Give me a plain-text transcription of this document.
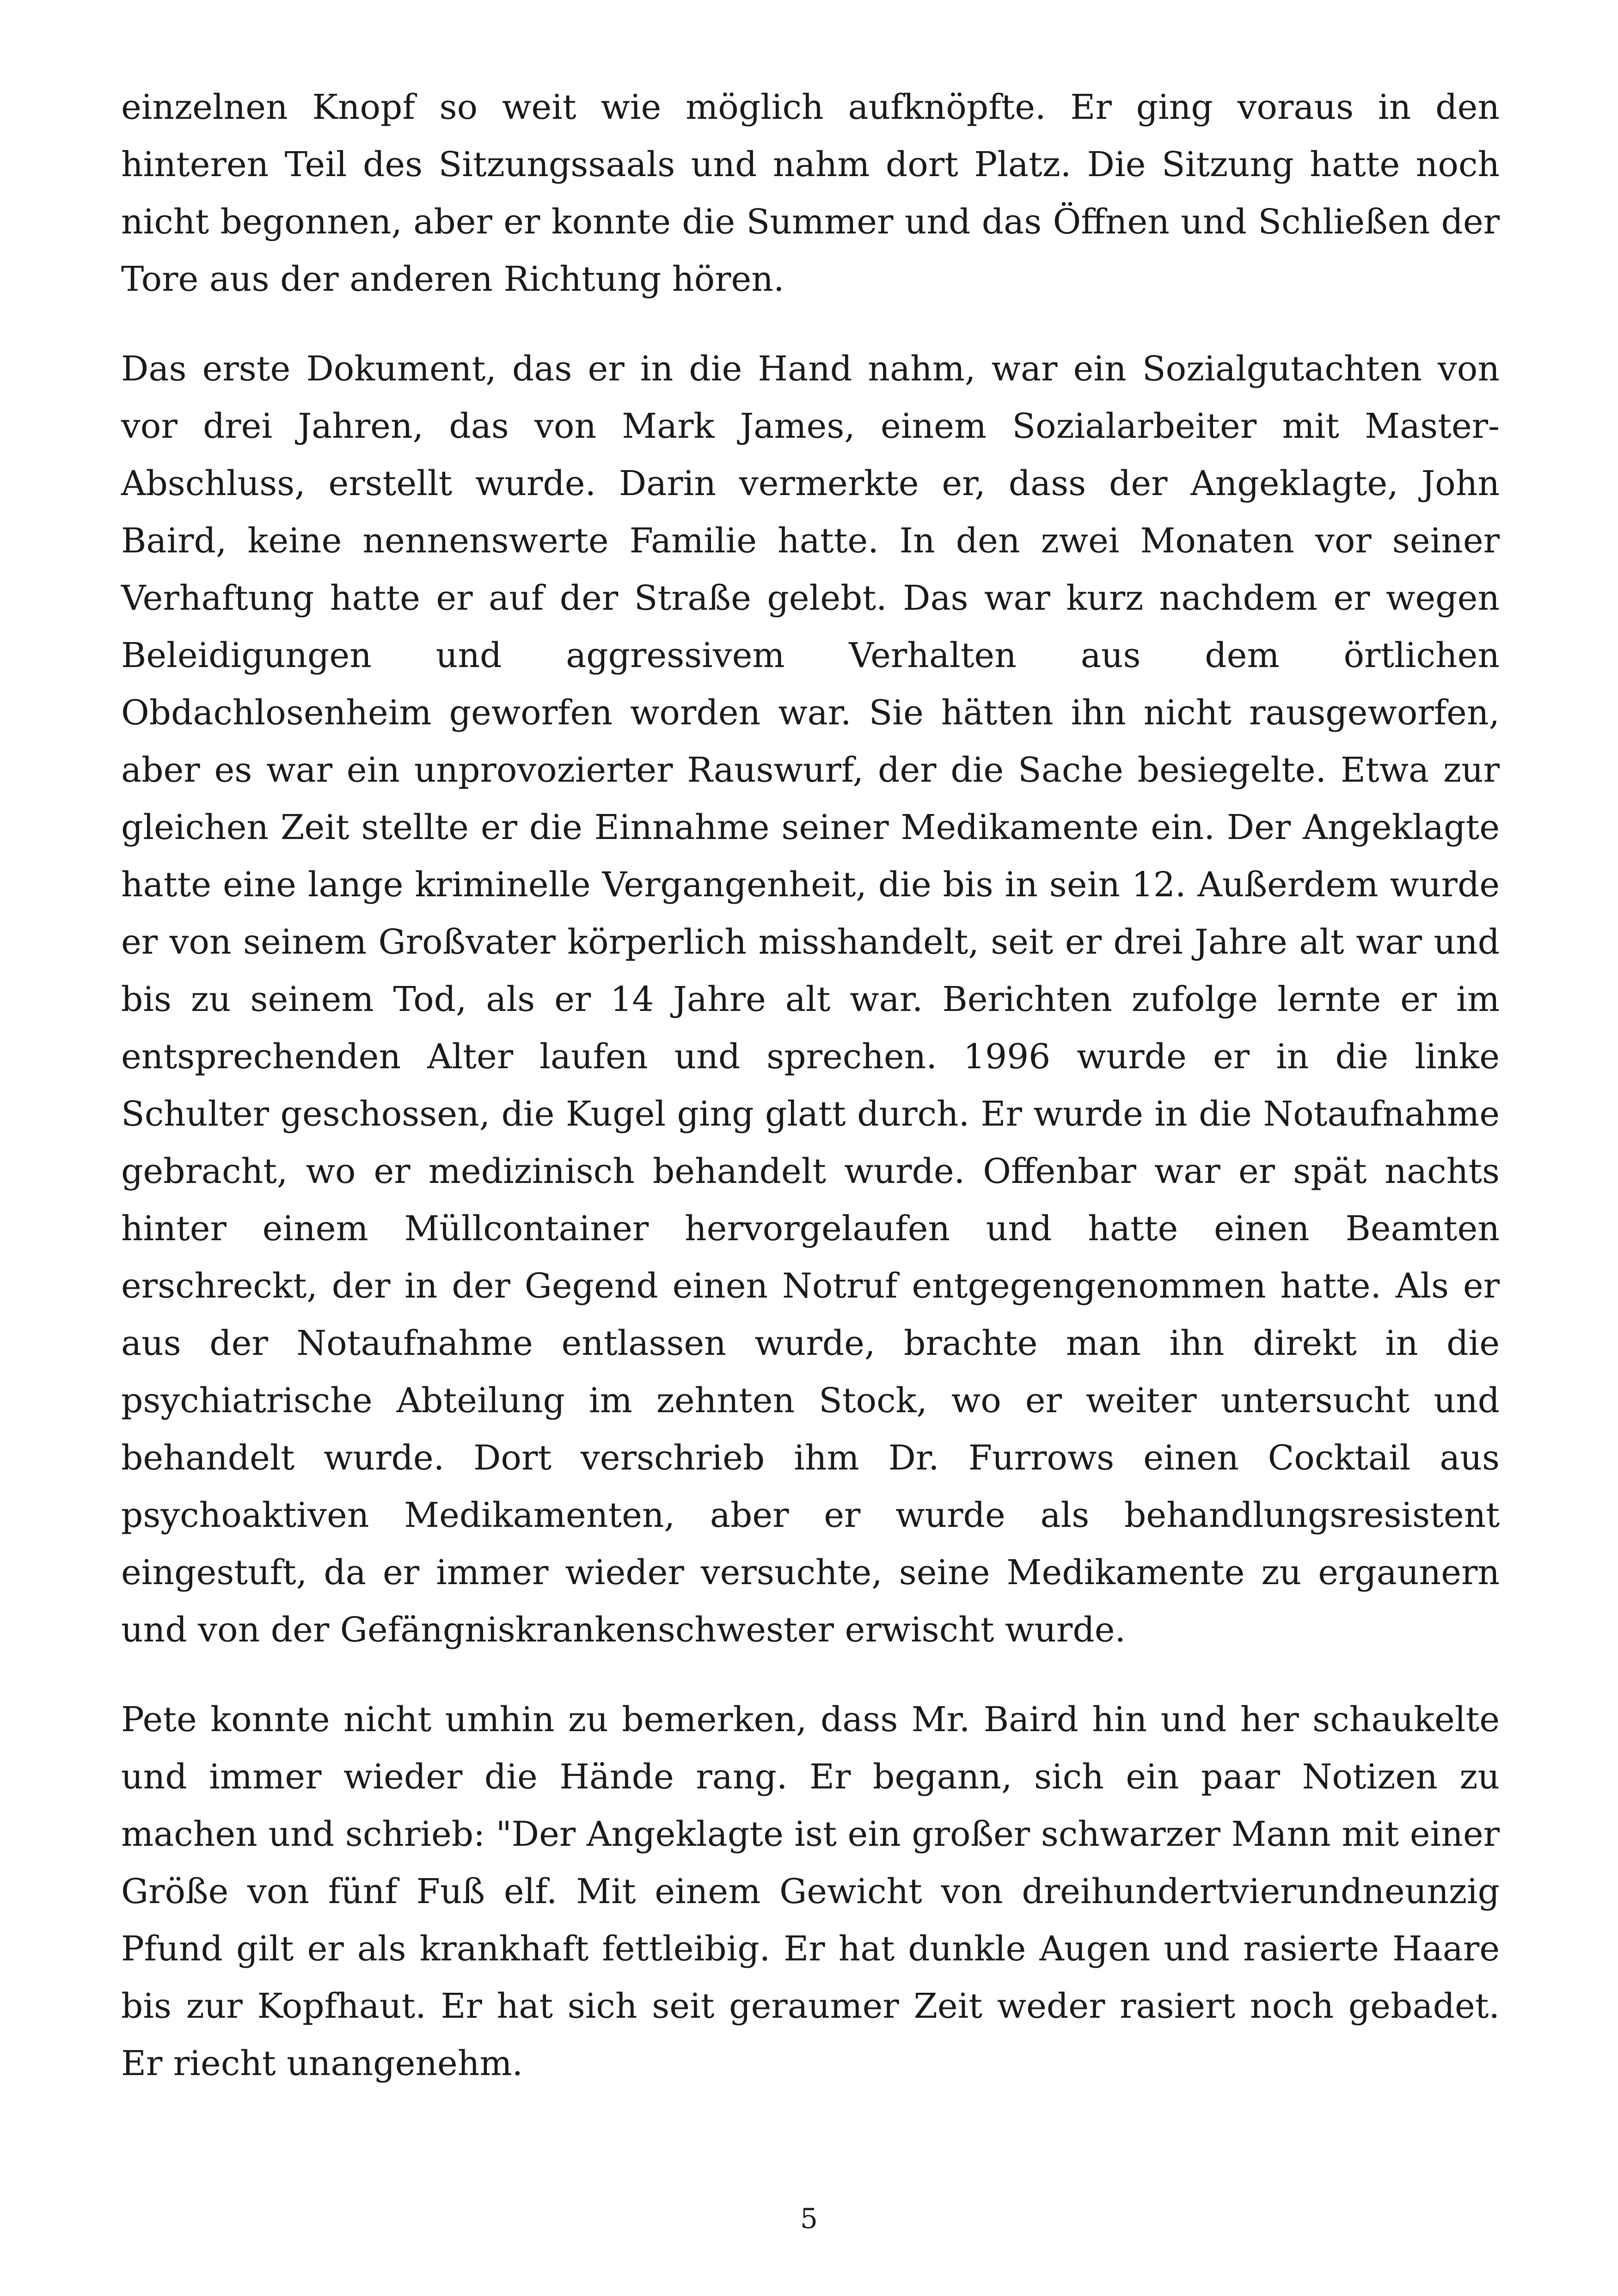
einzelnen Knopf so weit wie möglich aufknöpfte. Er ging voraus in den hinteren Teil des Sitzungssaals und nahm dort Platz. Die Sitzung hatte noch nicht begonnen, aber er konnte die Summer und das Öffnen und Schließen der Tore aus der anderen Richtung hören.

Das erste Dokument, das er in die Hand nahm, war ein Sozialgutachten von vor drei Jahren, das von Mark James, einem Sozialarbeiter mit Master-Abschluss, erstellt wurde. Darin vermerkte er, dass der Angeklagte, John Baird, keine nennenswerte Familie hatte. In den zwei Monaten vor seiner Verhaftung hatte er auf der Straße gelebt. Das war kurz nachdem er wegen Beleidigungen und aggressivem Verhalten aus dem örtlichen Obdachlosenheim geworfen worden war. Sie hätten ihn nicht rausgeworfen, aber es war ein unprovozierter Rauswurf, der die Sache besiegelte. Etwa zur gleichen Zeit stellte er die Einnahme seiner Medikamente ein. Der Angeklagte hatte eine lange kriminelle Vergangenheit, die bis in sein 12. Außerdem wurde er von seinem Großvater körperlich misshandelt, seit er drei Jahre alt war und bis zu seinem Tod, als er 14 Jahre alt war. Berichten zufolge lernte er im entsprechenden Alter laufen und sprechen. 1996 wurde er in die linke Schulter geschossen, die Kugel ging glatt durch. Er wurde in die Notaufnahme gebracht, wo er medizinisch behandelt wurde. Offenbar war er spät nachts hinter einem Müllcontainer hervorgelaufen und hatte einen Beamten erschreckt, der in der Gegend einen Notruf entgegengenommen hatte. Als er aus der Notaufnahme entlassen wurde, brachte man ihn direkt in die psychiatrische Abteilung im zehnten Stock, wo er weiter untersucht und behandelt wurde. Dort verschrieb ihm Dr. Furrows einen Cocktail aus psychoaktiven Medikamenten, aber er wurde als behandlungsresistent eingestuft, da er immer wieder versuchte, seine Medikamente zu ergaunern und von der Gefängniskrankenschwester erwischt wurde.

Pete konnte nicht umhin zu bemerken, dass Mr. Baird hin und her schaukelte und immer wieder die Hände rang. Er begann, sich ein paar Notizen zu machen und schrieb: "Der Angeklagte ist ein großer schwarzer Mann mit einer Größe von fünf Fuß elf. Mit einem Gewicht von dreihundertvierundneunzig Pfund gilt er als krankhaft fettleibig. Er hat dunkle Augen und rasierte Haare bis zur Kopfhaut. Er hat sich seit geraumer Zeit weder rasiert noch gebadet. Er riecht unangenehm.

5
